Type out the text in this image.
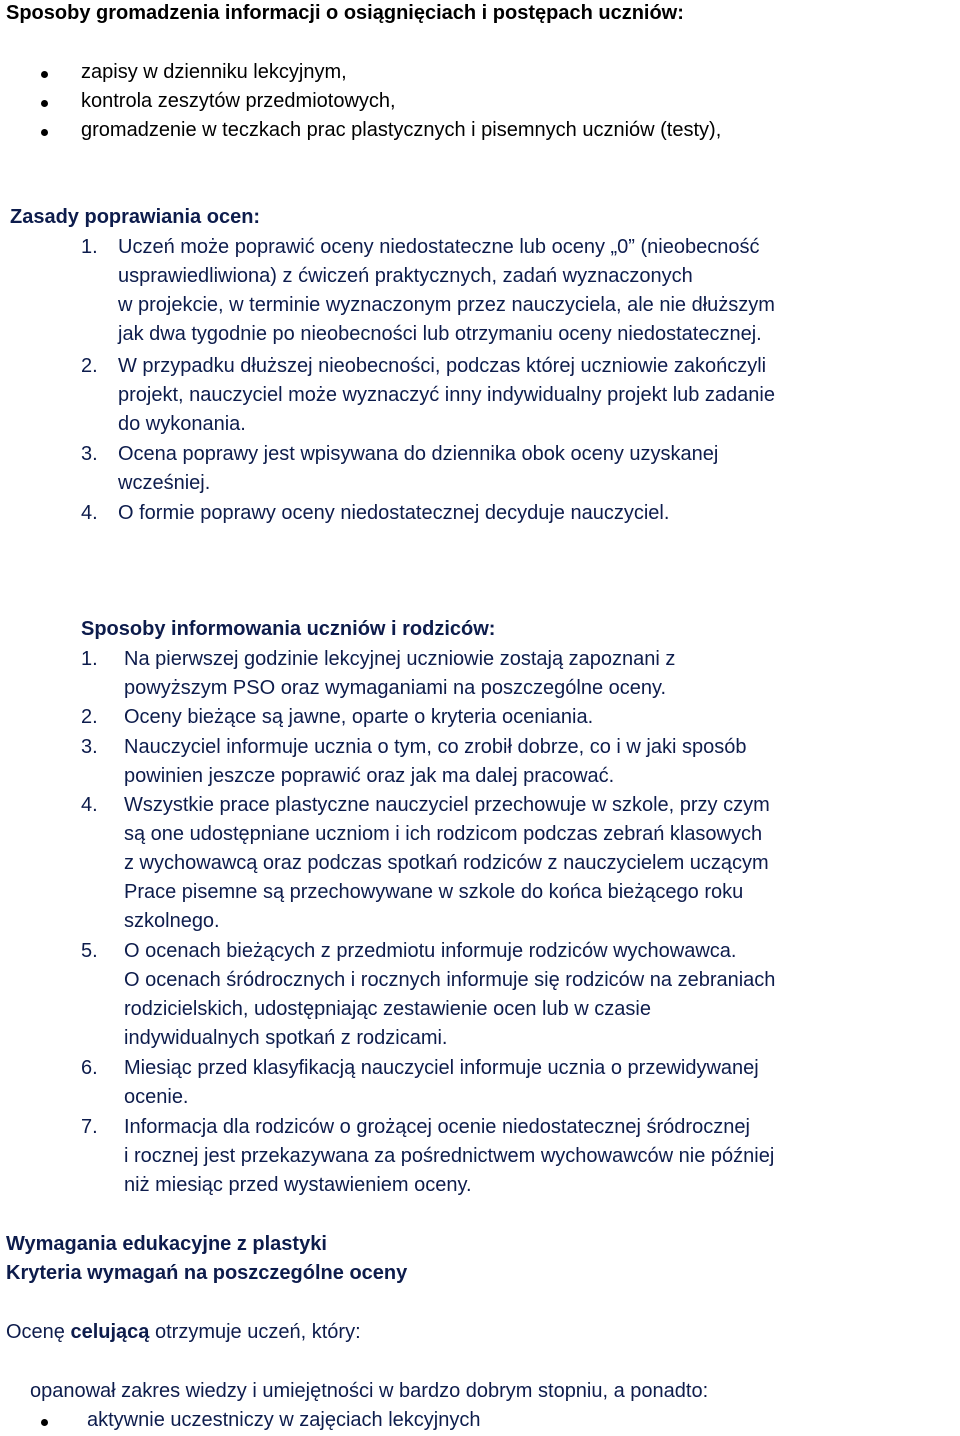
Sposoby gromadzenia informacji o osiągnięciach i postępach uczniów:

zapisy w dzienniku lekcyjnym,

kontrola zeszytów przedmiotowych,

gromadzenie w teczkach prac plastycznych i pisemnych uczniów (testy),

Zasady poprawiania ocen:

1. Uczeń może poprawić oceny niedostateczne lub oceny „0” (nieobecność

usprawiedliwiona) z ćwiczeń praktycznych, zadań wyznaczonych

w projekcie, w terminie wyznaczonym przez nauczyciela, ale nie dłuższym

jak dwa tygodnie po nieobecności lub otrzymaniu oceny niedostatecznej.

2. W przypadku dłuższej nieobecności, podczas której uczniowie zakończyli

projekt, nauczyciel może wyznaczyć inny indywidualny projekt lub zadanie

do wykonania.

3. Ocena poprawy jest wpisywana do dziennika obok oceny uzyskanej

wcześniej.

4. O formie poprawy oceny niedostatecznej decyduje nauczyciel.

Sposoby informowania uczniów i rodziców:

1. Na pierwszej godzinie lekcyjnej uczniowie zostają zapoznani z

powyższym PSO oraz wymaganiami na poszczególne oceny.

2. Oceny bieżące są jawne, oparte o kryteria oceniania.

3. Nauczyciel informuje ucznia o tym, co zrobił dobrze, co i w jaki sposób

powinien jeszcze poprawić oraz jak ma dalej pracować.

4. Wszystkie prace plastyczne nauczyciel przechowuje w szkole, przy czym

są one udostępniane uczniom i ich rodzicom podczas zebrań klasowych

z wychowawcą oraz podczas spotkań rodziców z nauczycielem uczącym

Prace pisemne są przechowywane w szkole do końca bieżącego roku

szkolnego.

5. O ocenach bieżących z przedmiotu informuje rodziców wychowawca.

O ocenach śródrocznych i rocznych informuje się rodziców na zebraniach

rodzicielskich, udostępniając zestawienie ocen lub w czasie

indywidualnych spotkań z rodzicami.

6. Miesiąc przed klasyfikacją nauczyciel informuje ucznia o przewidywanej

ocenie.

7. Informacja dla rodziców o grożącej ocenie niedostatecznej śródrocznej

i rocznej jest przekazywana za pośrednictwem wychowawców nie później

niż miesiąc przed wystawieniem oceny.

Wymagania edukacyjne z plastyki

Kryteria wymagań na poszczególne oceny

Ocenę celującą otrzymuje uczeń, który:

opanował zakres wiedzy i umiejętności w bardzo dobrym stopniu, a ponadto:

aktywnie uczestniczy w zajęciach lekcyjnych
